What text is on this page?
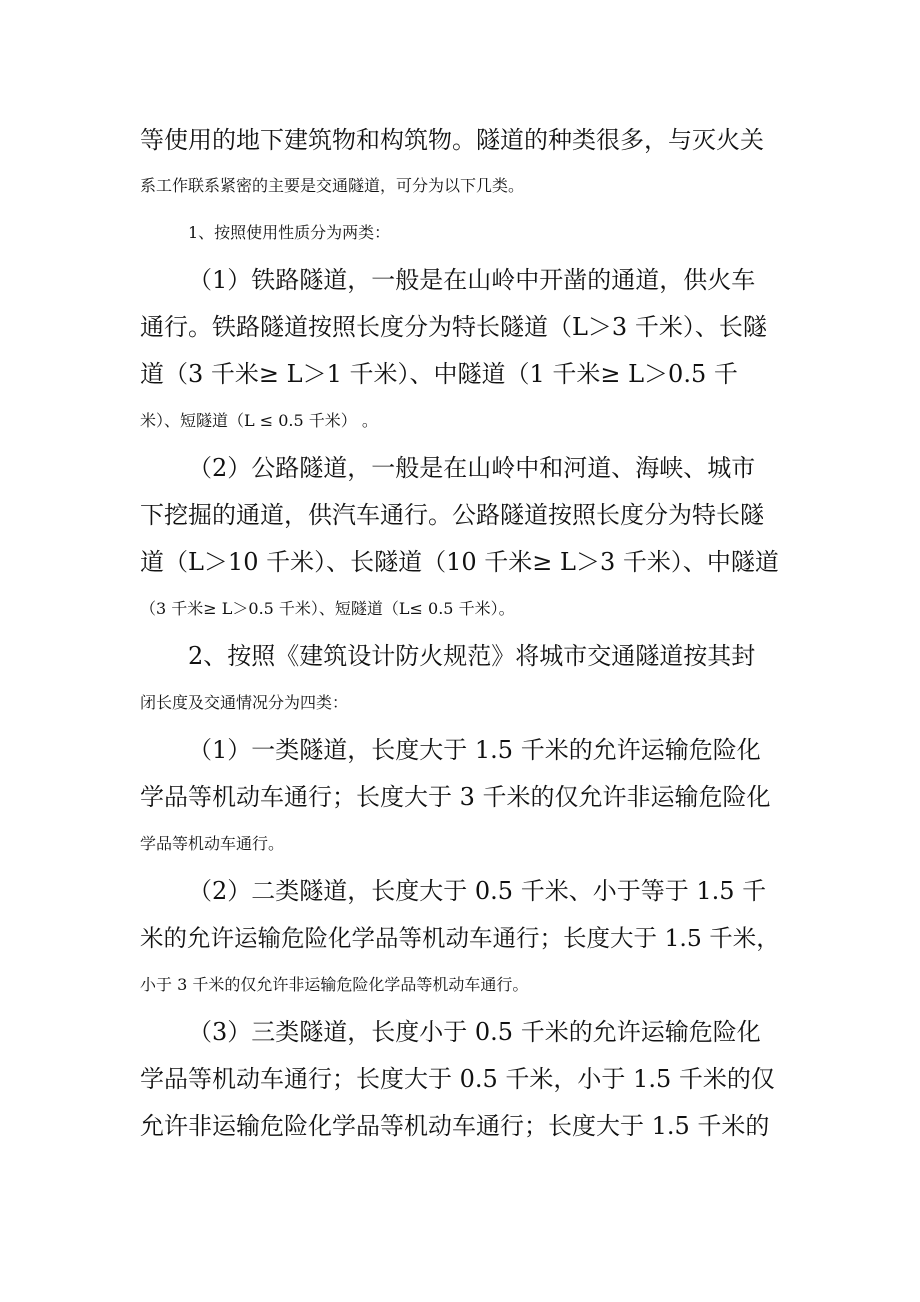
等使用的地下建筑物和构筑物。隧道的种类很多，与灭火关
系工作联系紧密的主要是交通隧道，可分为以下几类。
1、按照使用性质分为两类：
（1）铁路隧道，一般是在山岭中开凿的通道，供火车
通行。铁路隧道按照长度分为特长隧道（L＞3 千米）、长隧
道（3 千米≥ L＞1 千米）、中隧道（1 千米≥ L＞0.5 千
米）、短隧道（L ≤ 0.5 千米） 。
（2）公路隧道，一般是在山岭中和河道、海峡、城市
下挖掘的通道，供汽车通行。公路隧道按照长度分为特长隧
道（L＞10 千米）、长隧道（10 千米≥ L＞3 千米）、中隧道
（3 千米≥ L＞0.5 千米）、短隧道（L≤ 0.5 千米）。
2、按照《建筑设计防火规范》将城市交通隧道按其封
闭长度及交通情况分为四类：
（1）一类隧道，长度大于 1.5 千米的允许运输危险化
学品等机动车通行；长度大于 3 千米的仅允许非运输危险化
学品等机动车通行。
（2）二类隧道，长度大于 0.5 千米、小于等于 1.5 千
米的允许运输危险化学品等机动车通行；长度大于 1.5 千米，
小于 3 千米的仅允许非运输危险化学品等机动车通行。
（3）三类隧道，长度小于 0.5 千米的允许运输危险化
学品等机动车通行；长度大于 0.5 千米，小于 1.5 千米的仅
允许非运输危险化学品等机动车通行；长度大于 1.5 千米的
